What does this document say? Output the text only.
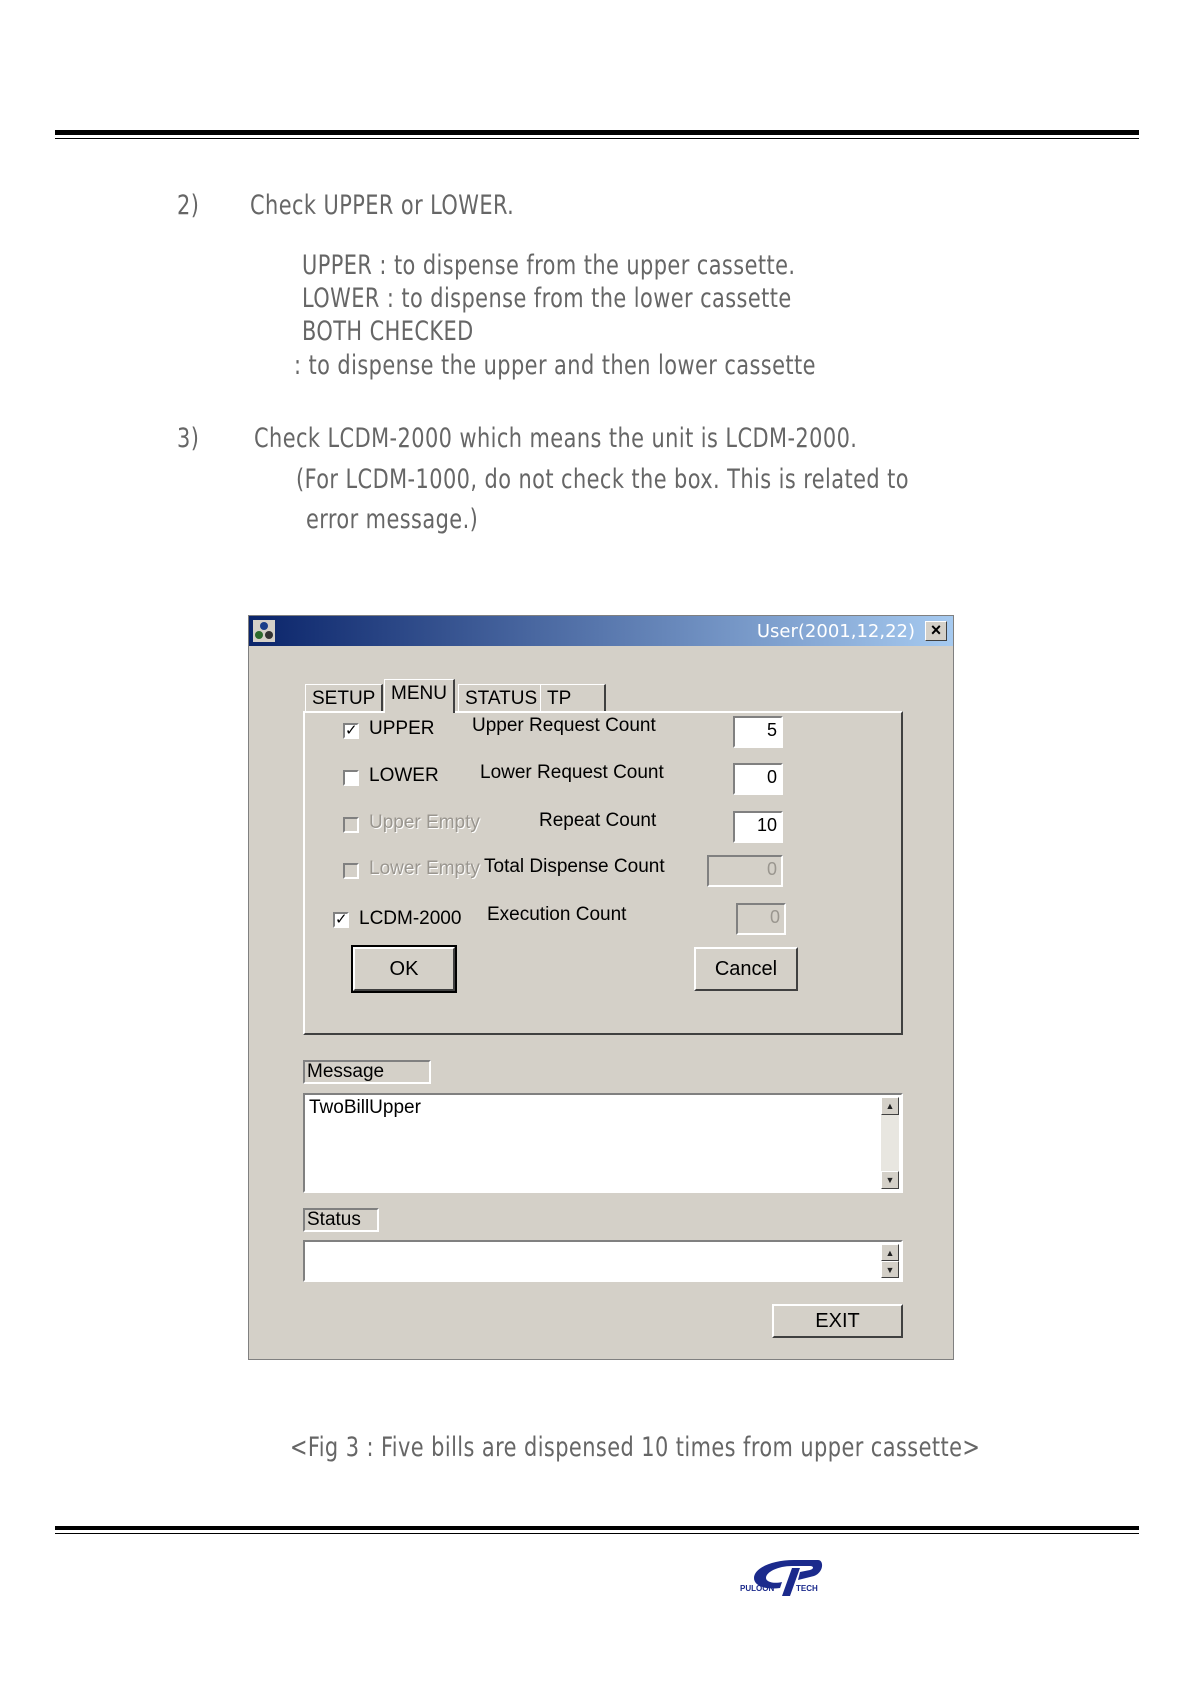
2) Check UPPER or LOWER.
UPPER : to dispense from the upper cassette.
LOWER : to dispense from the lower cassette
BOTH CHECKED
: to dispense the upper and then lower cassette
3) Check LCDM-2000 which means the unit is LCDM-2000.
(For LCDM-1000, do not check the box. This is related to
error message.)
User(2001,12,22) ×
SETUP MENU STATUS TP
✓ UPPER
LOWER
Upper Empty
Lower Empty
✓ LCDM-2000
Upper Request Count	5
Lower Request Count	0
Repeat Count	10
Total Dispense Count	0
Execution Count	0
OK	Cancel
Message
TwoBillUpper	▲
▼
Status
▲
▼
EXIT
<Fig 3 : Five bills are dispensed 10 times from upper cassette>
PULOON	TECH
